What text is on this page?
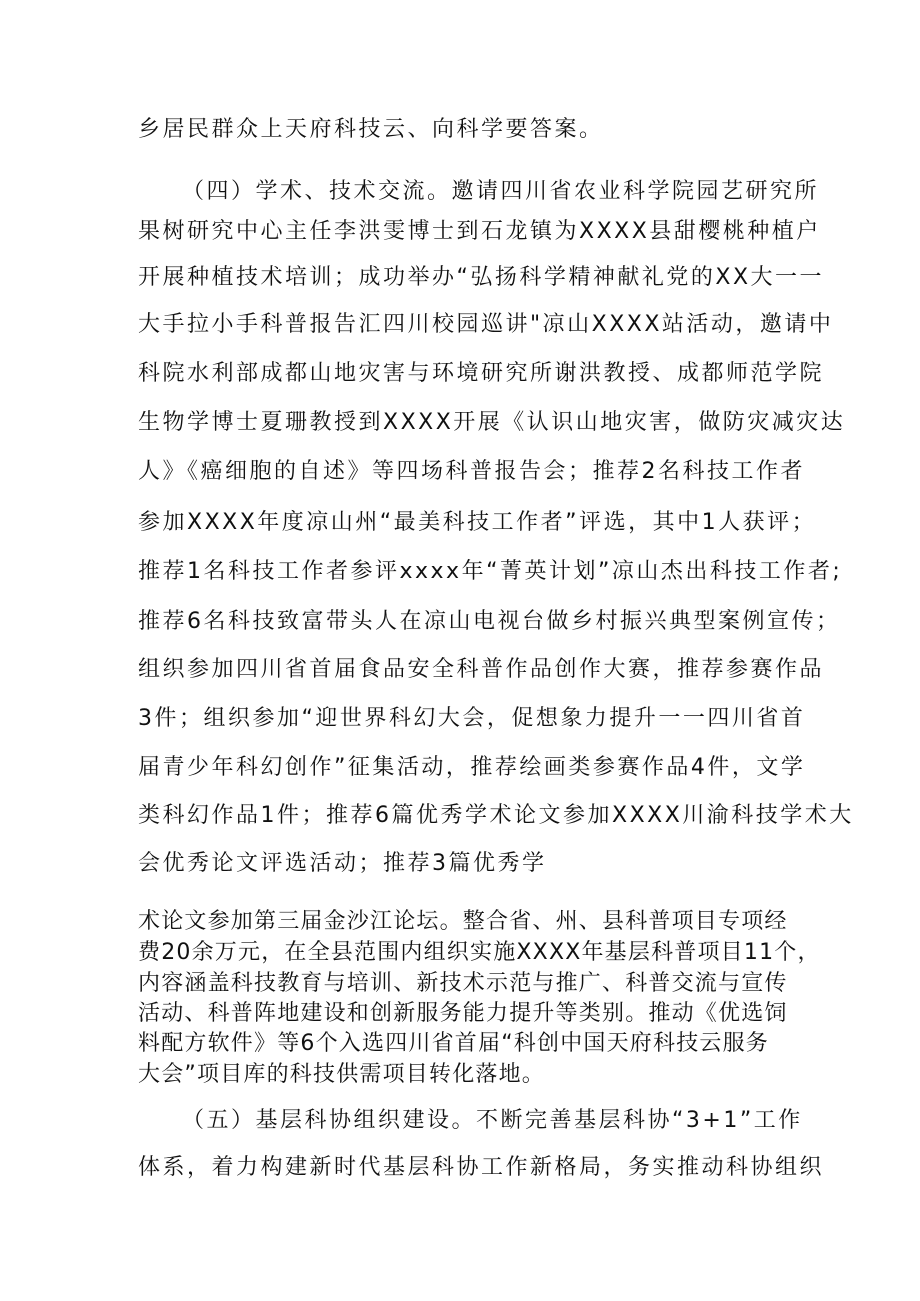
乡居民群众上天府科技云、向科学要答案。
（四）学术、技术交流。邀请四川省农业科学院园艺研究所
果树研究中心主任李洪雯博士到石龙镇为XXXX县甜樱桃种植户
开展种植技术培训；成功举办“弘扬科学精神献礼党的XX大一一
大手拉小手科普报告汇四川校园巡讲"凉山XXXX站活动，邀请中
科院水利部成都山地灾害与环境研究所谢洪教授、成都师范学院
生物学博士夏珊教授到XXXX开展《认识山地灾害，做防灾减灾达
人》《癌细胞的自述》等四场科普报告会；推荐2名科技工作者
参加XXXX年度凉山州“最美科技工作者”评选，其中1人获评；
推荐1名科技工作者参评xxxx年“菁英计划”凉山杰出科技工作者;
推荐6名科技致富带头人在凉山电视台做乡村振兴典型案例宣传；
组织参加四川省首届食品安全科普作品创作大赛，推荐参赛作品
3件；组织参加“迎世界科幻大会，促想象力提升一一四川省首
届青少年科幻创作”征集活动，推荐绘画类参赛作品4件，文学
类科幻作品1件；推荐6篇优秀学术论文参加XXXX川渝科技学术大
会优秀论文评选活动；推荐3篇优秀学
术论文参加第三届金沙江论坛。整合省、州、县科普项目专项经
费20余万元，在全县范围内组织实施XXXX年基层科普项目11个，
内容涵盖科技教育与培训、新技术示范与推广、科普交流与宣传
活动、科普阵地建设和创新服务能力提升等类别。推动《优选饲
料配方软件》等6个入选四川省首届“科创中国天府科技云服务
大会”项目库的科技供需项目转化落地。
（五）基层科协组织建设。不断完善基层科协“3+1”工作
体系，着力构建新时代基层科协工作新格局，务实推动科协组织
